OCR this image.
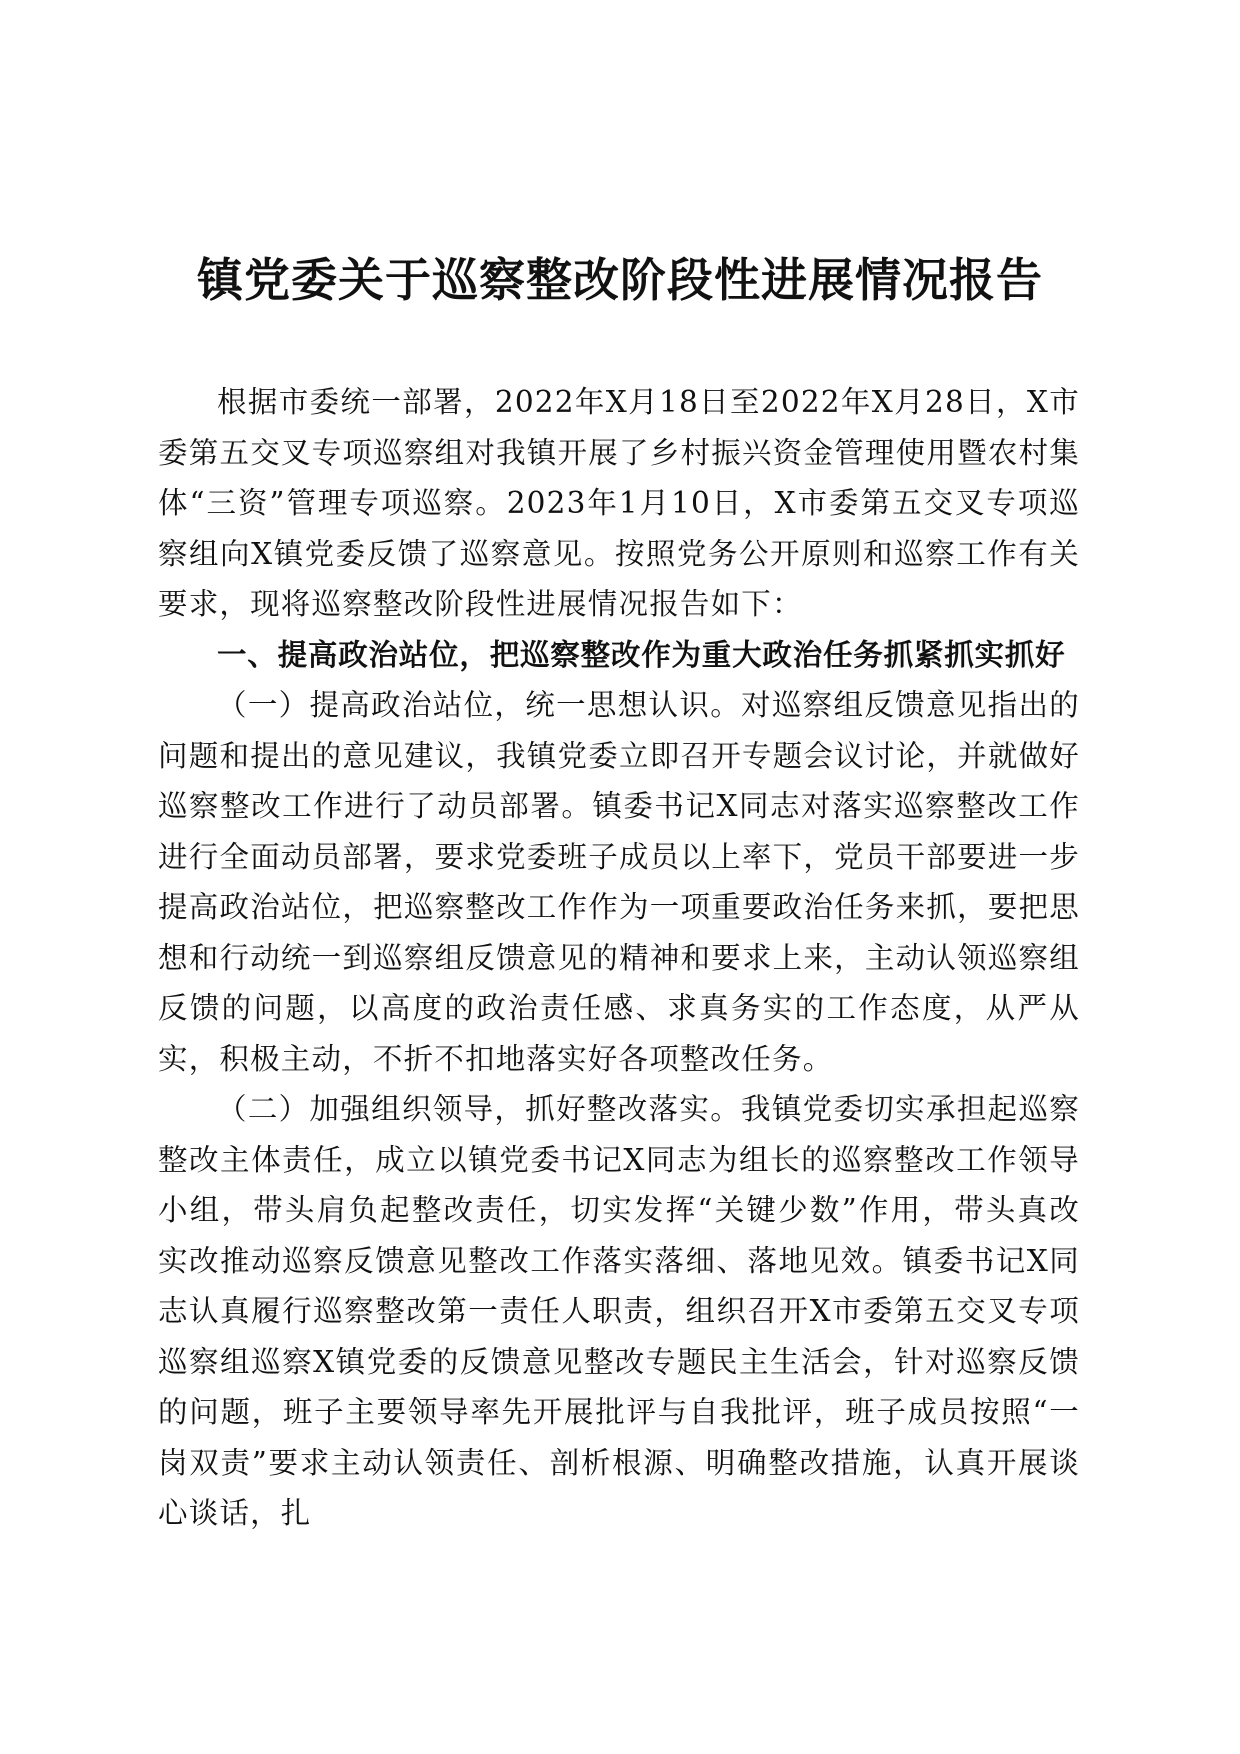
镇党委关于巡察整改阶段性进展情况报告

根据市委统一部署，2022年X月18日至2022年X月28日，X市委第五交叉专项巡察组对我镇开展了乡村振兴资金管理使用暨农村集体“三资”管理专项巡察。2023年1月10日，X市委第五交叉专项巡察组向X镇党委反馈了巡察意见。按照党务公开原则和巡察工作有关要求，现将巡察整改阶段性进展情况报告如下：

一、提高政治站位，把巡察整改作为重大政治任务抓紧抓实抓好

（一）提高政治站位，统一思想认识。对巡察组反馈意见指出的问题和提出的意见建议，我镇党委立即召开专题会议讨论，并就做好巡察整改工作进行了动员部署。镇委书记X同志对落实巡察整改工作进行全面动员部署，要求党委班子成员以上率下，党员干部要进一步提高政治站位，把巡察整改工作作为一项重要政治任务来抓，要把思想和行动统一到巡察组反馈意见的精神和要求上来，主动认领巡察组反馈的问题，以高度的政治责任感、求真务实的工作态度，从严从实，积极主动，不折不扣地落实好各项整改任务。

（二）加强组织领导，抓好整改落实。我镇党委切实承担起巡察整改主体责任，成立以镇党委书记X同志为组长的巡察整改工作领导小组，带头肩负起整改责任，切实发挥“关键少数”作用，带头真改实改推动巡察反馈意见整改工作落实落细、落地见效。镇委书记X同志认真履行巡察整改第一责任人职责，组织召开X市委第五交叉专项巡察组巡察X镇党委的反馈意见整改专题民主生活会，针对巡察反馈的问题，班子主要领导率先开展批评与自我批评，班子成员按照“一岗双责”要求主动认领责任、剖析根源、明确整改措施，认真开展谈心谈话，扎
